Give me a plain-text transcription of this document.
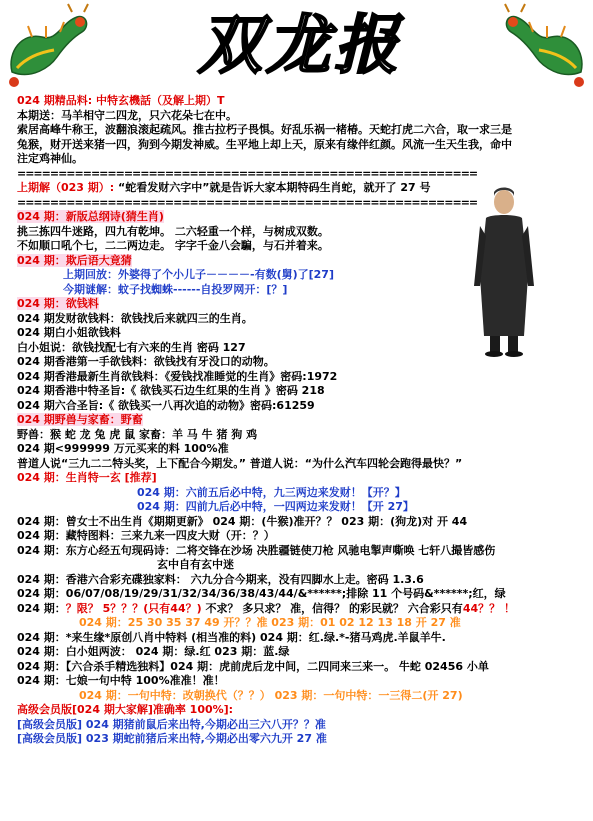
双龙报
024 期精品料: 中特玄機話（及解上期）T
本期送：马羊相守二四龙，只六花朵七在中。
索居高峰牛称王，波翻浪滚起疏风。推古拉朽子畏惧。好乱乐祸一楮椿。天蛇打虎二六合，取一求三是
兔猴，财开送来猪一四，狗到今期发神威。生平地上却上天，原来有缘伴红颜。风流一生天生我，命中
注定鸡神仙。
========================================================
上期解（023 期）: “蛇看发财六字中”就是告诉大家本期特码生肖蛇，就开了 27 号
========================================================
024 期：新版总纲诗(猜生肖)
挑三拣四牛迷路，四九有乾坤。 二六轻重一个样，与树成双数。
不如顺口吼个七，二二两边走。 字字千金八会騙，与石并着来。
024 期：欺后语大竟猜
上期回放：外婆得了个小儿子－－－－-有数(舅)了[27]
今期谜解：蚊子找蜘蛛------自投罗网开：[？]
024 期：欲钱料
024 期发财欲钱料：欲钱找后来就四三的生肖。
024 期白小姐欲钱料
白小姐说：欲钱找配七有六来的生肖 密码 127
024 期香港第一手欲钱料：欲钱找有牙没口的动物。
024 期香港最新生肖欲钱料：《爱钱找准睡觉的生肖》密码:1972
024 期香港中特圣旨:《 欲钱买石边生红果的生肖 》密码 218
024 期六合圣旨:《 欲钱买一八再次追的动物》密码:61259
024 期野兽与家畜：野畜
野兽：猴 蛇 龙 兔 虎 鼠 家畜：羊 马 牛 猪 狗 鸡
024 期<999999 万元买来的料 100%准
普道人说“三九二二特头奖，上下配合今期发。” 普道人说：“为什么汽车四轮会跑得最快？”
024 期：生肖特一玄 [推荐]
024 期：六前五后必中特，九三两边来发财！【开？】
024 期：四前九后必中特，一四两边来发财！【开 27】
024 期：曾女士不出生肖《期期更新》 024 期：(牛猴)准开？？ 023 期：(狗龙)对 开 44
024 期：藏特图料：三来九来一四皮大财（开：？）
024 期：东方心经五句现码诗：二将交锋在沙场 决胜疆链使刀枪 风驰电掣声嘶唤 七轩八撮皆感伤
玄中自有玄中迷
024 期：香港六合彩充碟独家料： 六九分合今期来，没有四脚水上走。密码 1.3.6
024 期：06/07/08/19/29/31/32/34/36/38/43/44/&******;排除 11 个号码&******;红，绿
024 期：？限？ 5？？？(只有44？) 不求？ 多只求？ 准，信得？ 的彩民就？ 六合彩只有44？？ ！
024 期：25 30 35 37 49 开？？准 023 期：01 02 12 13 18 开 27 准
024 期：*来生缘*原创八肖中特料 (相当准的料) 024 期：红.绿.*-猪马鸡虎.羊鼠羊牛.
024 期：白小姐两波： 024 期：绿.红 023 期：蓝.绿
024 期：【六合杀手精选独料】024 期：虎前虎后龙中间，二四同来三来一。 牛蛇 02456 小单
024 期：七娘一句中特 100%准准！准！
024 期：一句中特：改朝换代（？？） 023 期：一句中特：一三得二(开 27)
高级会员版[024 期大家解]准确率 100%]:
[高级会员版] 024 期猪前鼠后来出特,今期必出三六八开？？准
[高级会员版] 023 期蛇前猪后来出特,今期必出零六九开 27 准
